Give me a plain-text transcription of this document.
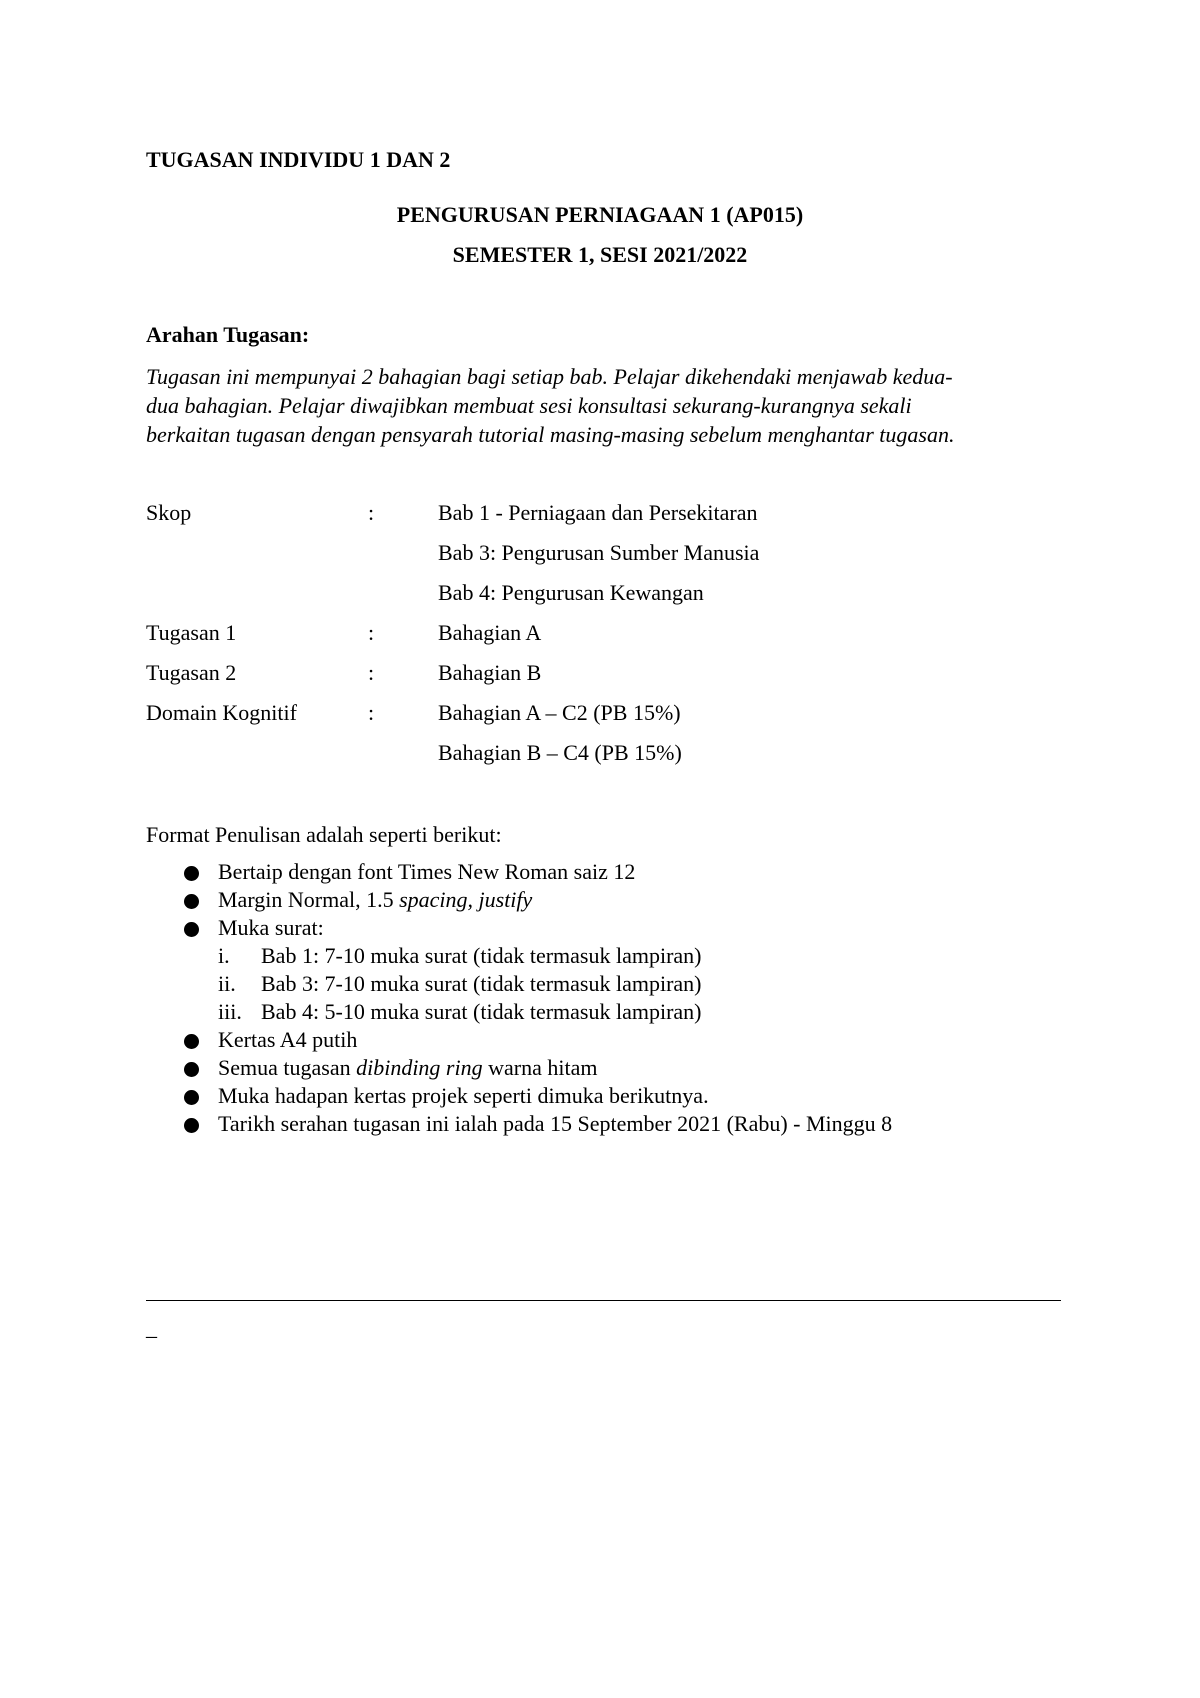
TUGASAN INDIVIDU 1 DAN 2
PENGURUSAN PERNIAGAAN 1 (AP015)
SEMESTER 1, SESI 2021/2022
Arahan Tugasan:
Tugasan ini mempunyai 2 bahagian bagi setiap bab. Pelajar dikehendaki menjawab kedua-
dua bahagian. Pelajar diwajibkan membuat sesi konsultasi sekurang-kurangnya sekali
berkaitan tugasan dengan pensyarah tutorial masing-masing sebelum menghantar tugasan.
Skop	:	Bab 1 - Perniagaan dan Persekitaran
Bab 3: Pengurusan Sumber Manusia
Bab 4: Pengurusan Kewangan
Tugasan 1	:	Bahagian A
Tugasan 2	:	Bahagian B
Domain Kognitif	:	Bahagian A – C2 (PB 15%)
Bahagian B – C4 (PB 15%)
Format Penulisan adalah seperti berikut:
Bertaip dengan font Times New Roman saiz 12
Margin Normal, 1.5 spacing, justify
Muka surat:
i. Bab 1: 7-10 muka surat (tidak termasuk lampiran)
ii. Bab 3: 7-10 muka surat (tidak termasuk lampiran)
iii. Bab 4: 5-10 muka surat (tidak termasuk lampiran)
Kertas A4 putih
Semua tugasan dibinding ring warna hitam
Muka hadapan kertas projek seperti dimuka berikutnya.
Tarikh serahan tugasan ini ialah pada 15 September 2021 (Rabu) - Minggu 8
_
